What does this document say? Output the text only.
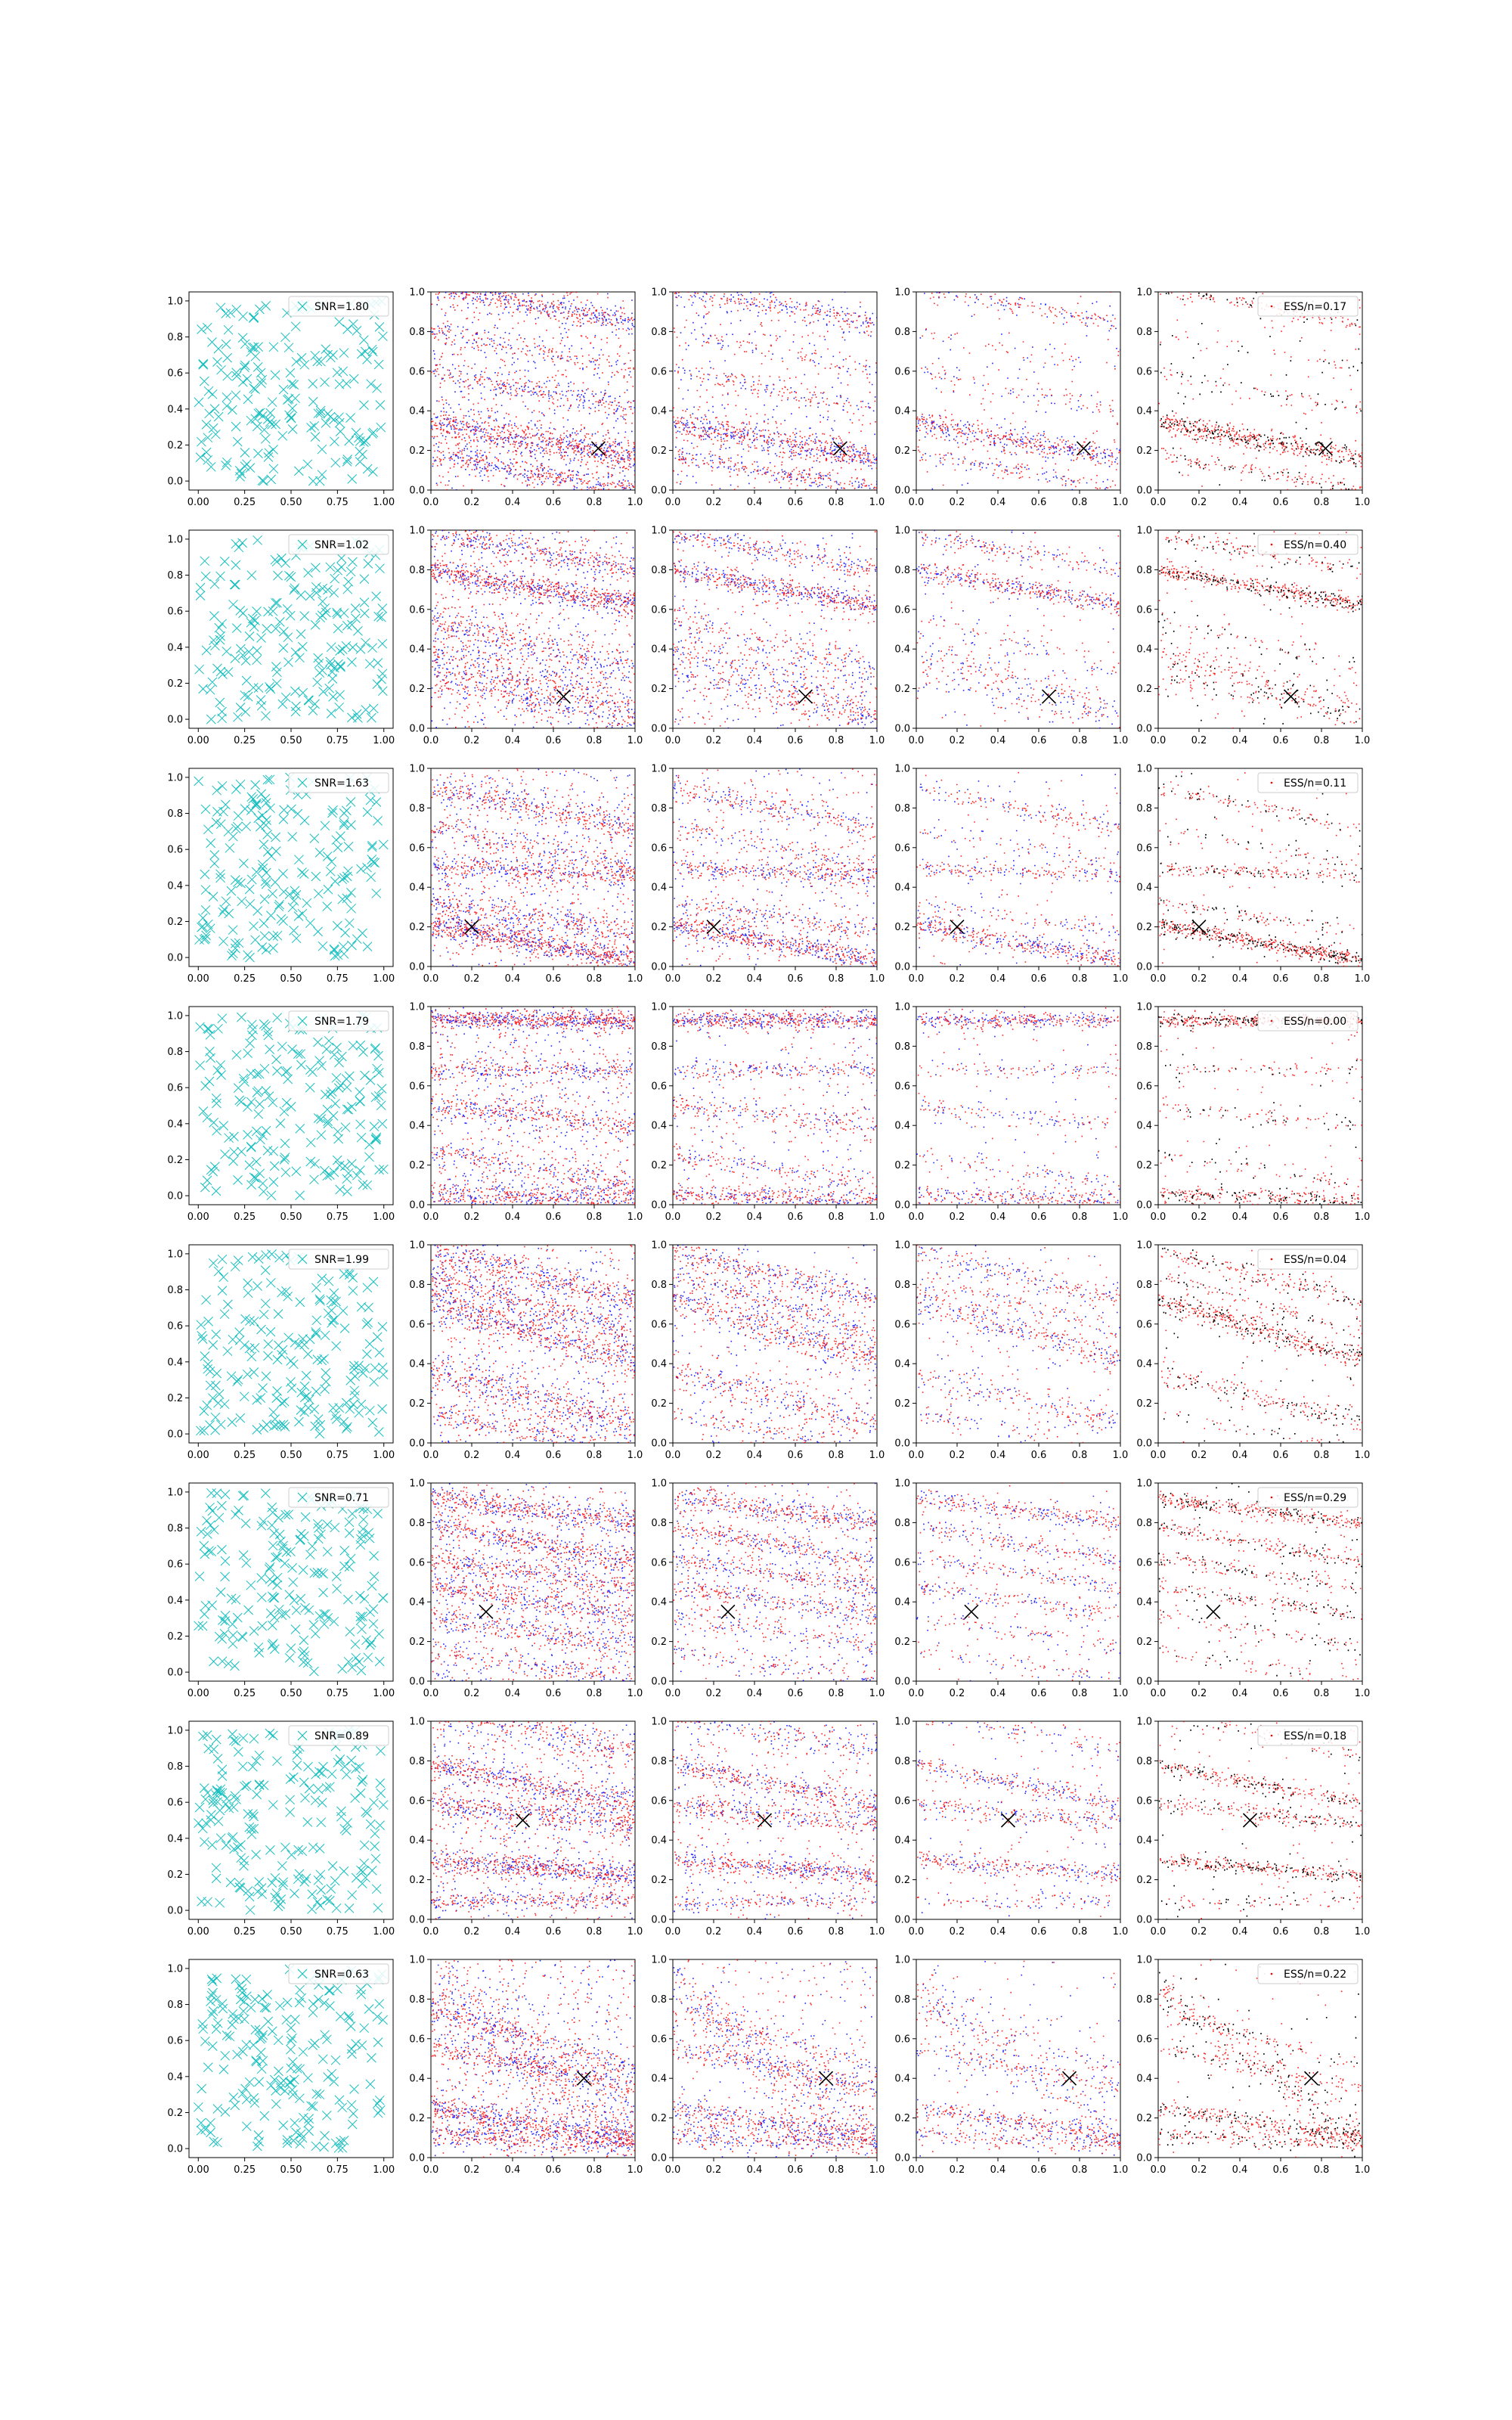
0.00 0.25 0.50 0.75 1.00
0.0
0.2
0.4
0.6
0.8
1.0	SNR=1.80
0.0	0.2	0.4	0.6	0.8	1.0
0.0
0.2
0.4
0.6
0.8
1.0
0.0	0.2	0.4	0.6	0.8	1.0
0.0
0.2
0.4
0.6
0.8
1.0
0.0	0.2	0.4	0.6	0.8	1.0
0.0
0.2
0.4
0.6
0.8
1.0
0.0	0.2	0.4	0.6	0.8	1.0
0.0
0.2
0.4
0.6
0.8
1.0
ESS/n=0.17
0.00 0.25 0.50 0.75 1.00
0.0
0.2
0.4
0.6
0.8
1.0	SNR=1.02
0.0	0.2	0.4	0.6	0.8	1.0
0.0
0.2
0.4
0.6
0.8
1.0
0.0	0.2	0.4	0.6	0.8	1.0
0.0
0.2
0.4
0.6
0.8
1.0
0.0	0.2	0.4	0.6	0.8	1.0
0.0
0.2
0.4
0.6
0.8
1.0
0.0	0.2	0.4	0.6	0.8	1.0
0.0
0.2
0.4
0.6
0.8
1.0
ESS/n=0.40
0.00 0.25 0.50 0.75 1.00
0.0
0.2
0.4
0.6
0.8
1.0	SNR=1.63
0.0	0.2	0.4	0.6	0.8	1.0
0.0
0.2
0.4
0.6
0.8
1.0
0.0	0.2	0.4	0.6	0.8	1.0
0.0
0.2
0.4
0.6
0.8
1.0
0.0	0.2	0.4	0.6	0.8	1.0
0.0
0.2
0.4
0.6
0.8
1.0
0.0	0.2	0.4	0.6	0.8	1.0
0.0
0.2
0.4
0.6
0.8
1.0
ESS/n=0.11
0.00 0.25 0.50 0.75 1.00
0.0
0.2
0.4
0.6
0.8
1.0	SNR=1.79
0.0	0.2	0.4	0.6	0.8	1.0
0.0
0.2
0.4
0.6
0.8
1.0
0.0	0.2	0.4	0.6	0.8	1.0
0.0
0.2
0.4
0.6
0.8
1.0
0.0	0.2	0.4	0.6	0.8	1.0
0.0
0.2
0.4
0.6
0.8
1.0
0.0	0.2	0.4	0.6	0.8	1.0
0.0
0.2
0.4
0.6
0.8
1.0
ESS/n=0.00
0.00 0.25 0.50 0.75 1.00
0.0
0.2
0.4
0.6
0.8
1.0	SNR=1.99
0.0	0.2	0.4	0.6	0.8	1.0
0.0
0.2
0.4
0.6
0.8
1.0
0.0	0.2	0.4	0.6	0.8	1.0
0.0
0.2
0.4
0.6
0.8
1.0
0.0	0.2	0.4	0.6	0.8	1.0
0.0
0.2
0.4
0.6
0.8
1.0
0.0	0.2	0.4	0.6	0.8	1.0
0.0
0.2
0.4
0.6
0.8
1.0
ESS/n=0.04
0.00 0.25 0.50 0.75 1.00
0.0
0.2
0.4
0.6
0.8
1.0	SNR=0.71
0.0	0.2	0.4	0.6	0.8	1.0
0.0
0.2
0.4
0.6
0.8
1.0
0.0	0.2	0.4	0.6	0.8	1.0
0.0
0.2
0.4
0.6
0.8
1.0
0.0	0.2	0.4	0.6	0.8	1.0
0.0
0.2
0.4
0.6
0.8
1.0
0.0	0.2	0.4	0.6	0.8	1.0
0.0
0.2
0.4
0.6
0.8
1.0
ESS/n=0.29
0.00 0.25 0.50 0.75 1.00
0.0
0.2
0.4
0.6
0.8
1.0	SNR=0.89
0.0	0.2	0.4	0.6	0.8	1.0
0.0
0.2
0.4
0.6
0.8
1.0
0.0	0.2	0.4	0.6	0.8	1.0
0.0
0.2
0.4
0.6
0.8
1.0
0.0	0.2	0.4	0.6	0.8	1.0
0.0
0.2
0.4
0.6
0.8
1.0
0.0	0.2	0.4	0.6	0.8	1.0
0.0
0.2
0.4
0.6
0.8
1.0
ESS/n=0.18
0.00 0.25 0.50 0.75 1.00
0.0
0.2
0.4
0.6
0.8
1.0	SNR=0.63
0.0	0.2	0.4	0.6	0.8	1.0
0.0
0.2
0.4
0.6
0.8
1.0
0.0	0.2	0.4	0.6	0.8	1.0
0.0
0.2
0.4
0.6
0.8
1.0
0.0	0.2	0.4	0.6	0.8	1.0
0.0
0.2
0.4
0.6
0.8
1.0
0.0	0.2	0.4	0.6	0.8	1.0
0.0
0.2
0.4
0.6
0.8
1.0
ESS/n=0.22
